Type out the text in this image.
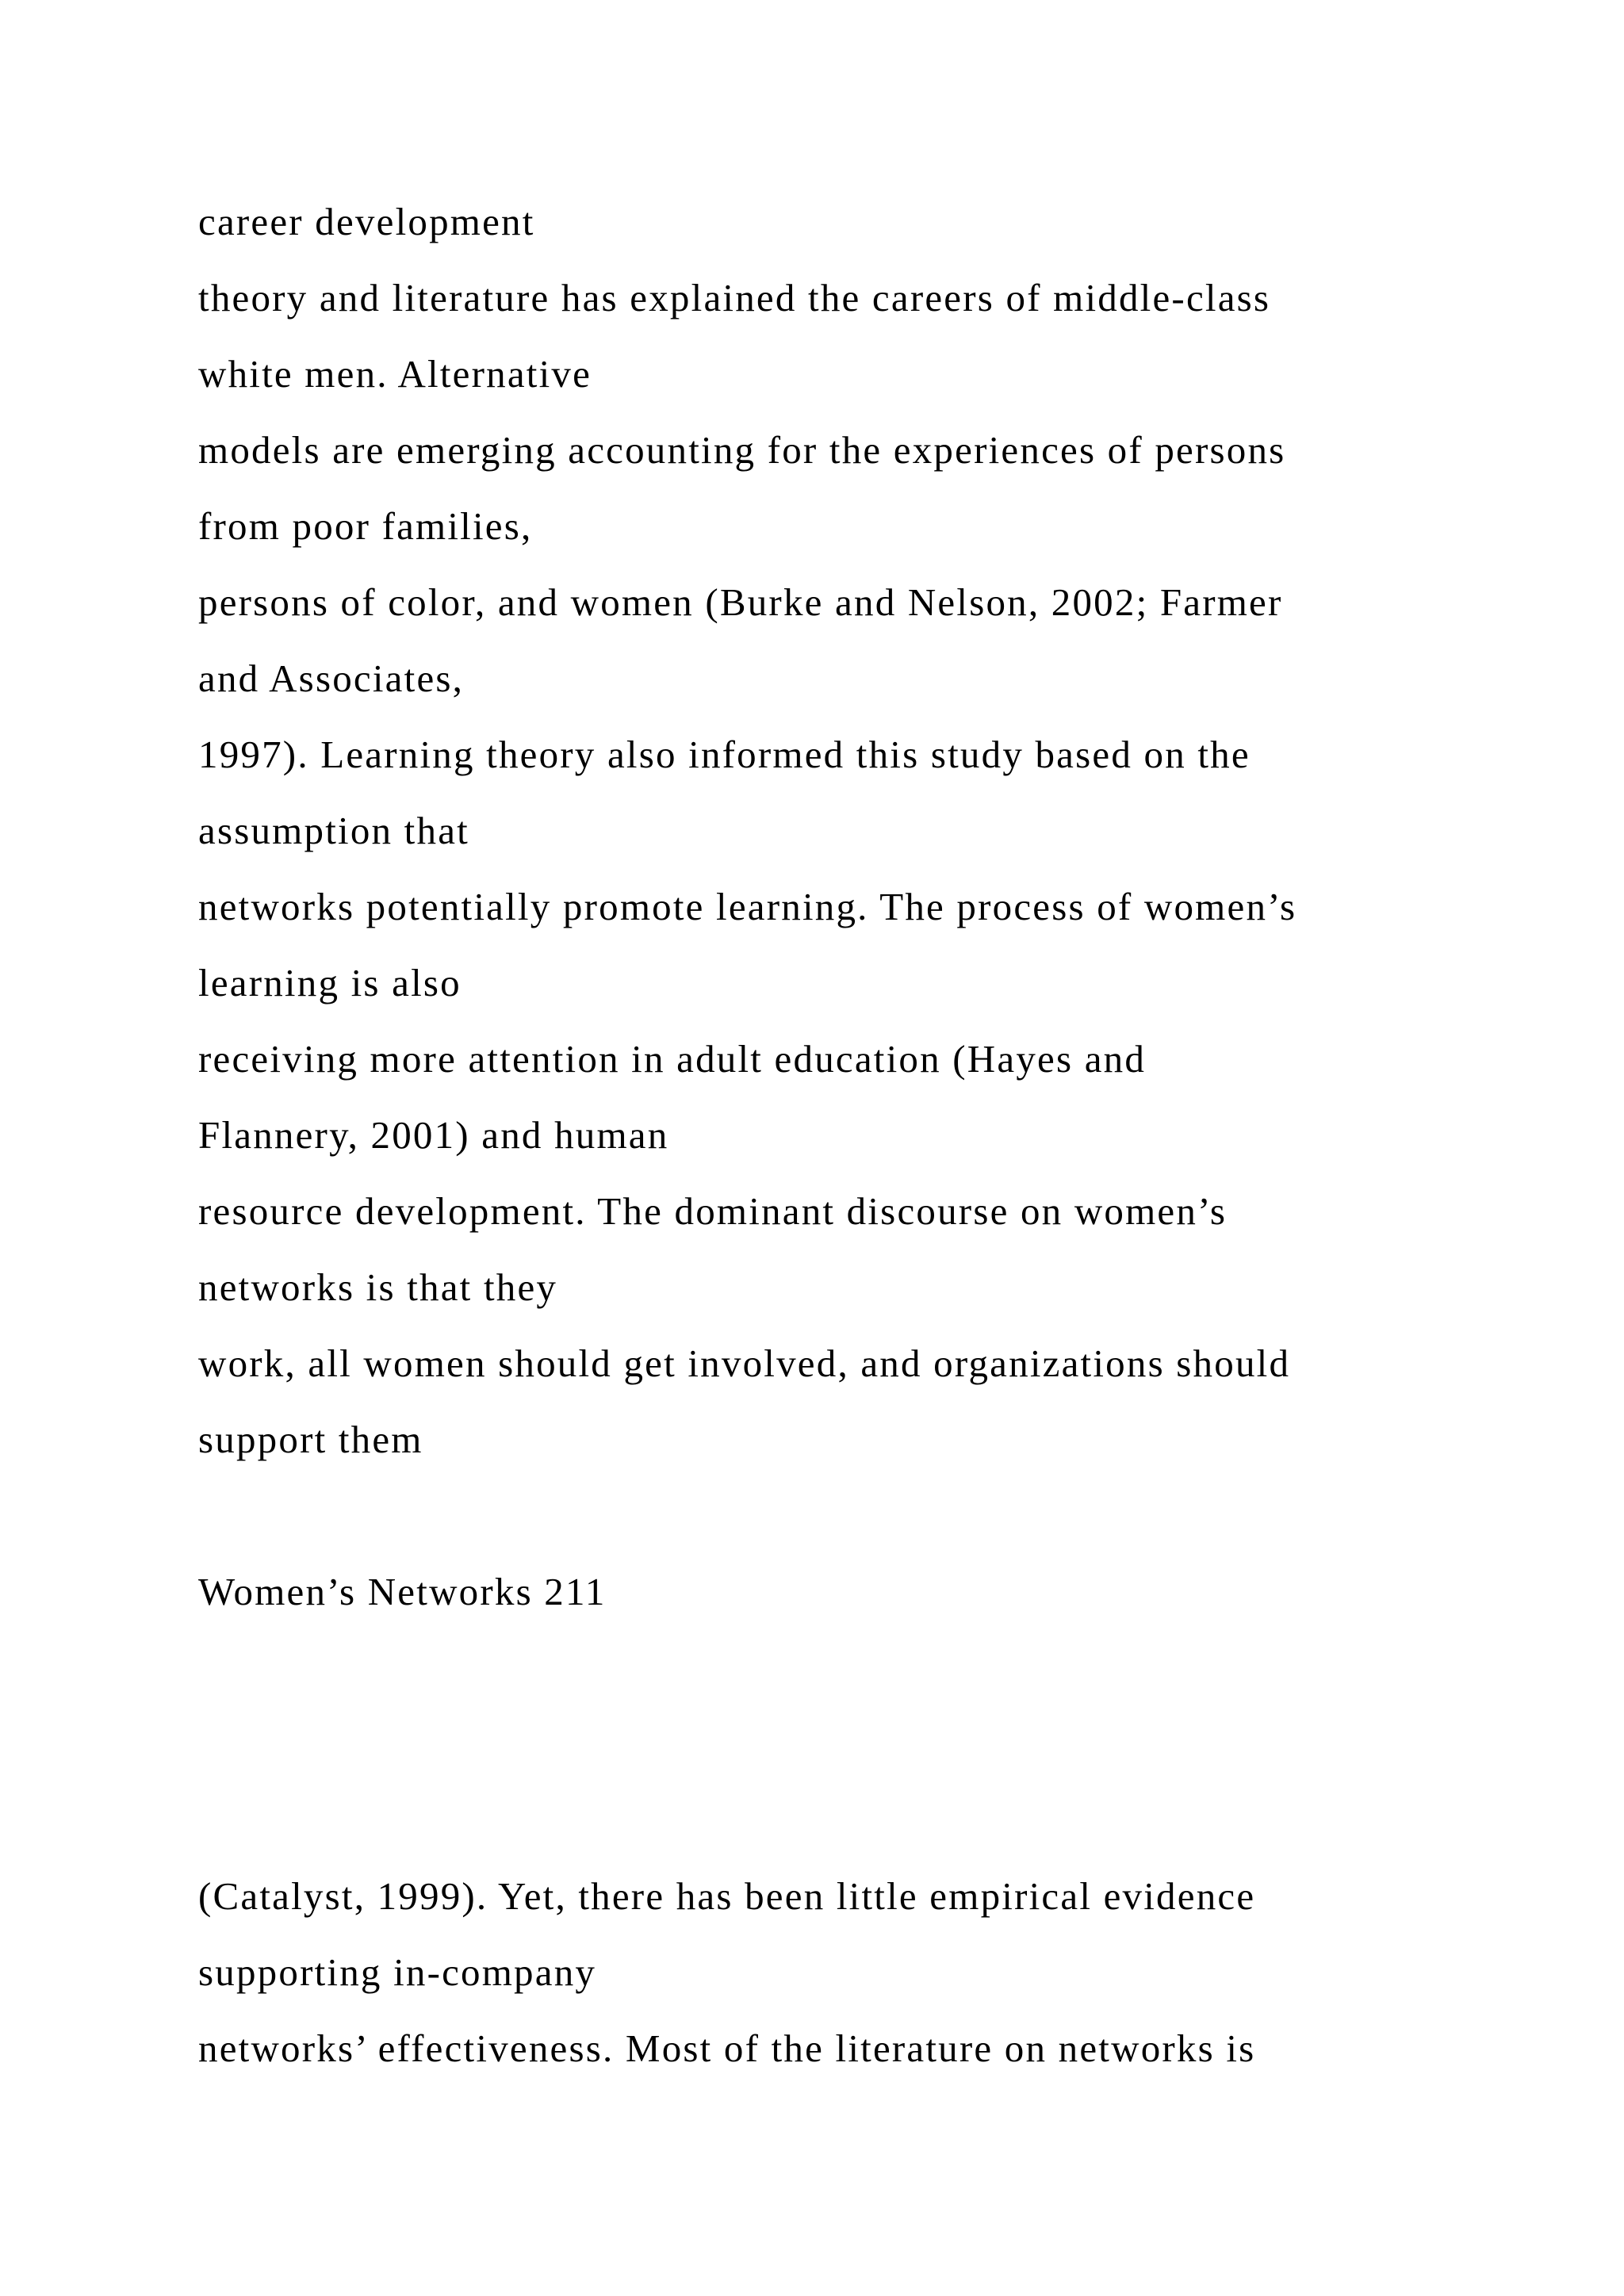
career development

theory and literature has explained the careers of middle-class

white men. Alternative

models are emerging accounting for the experiences of persons

from poor families,

persons of color, and women (Burke and Nelson, 2002; Farmer

and Associates,

1997). Learning theory also informed this study based on the

assumption that

networks potentially promote learning. The process of women’s

learning is also

receiving more attention in adult education (Hayes and

Flannery, 2001) and human

resource development. The dominant discourse on women’s

networks is that they

work, all women should get involved, and organizations should

support them

Women’s Networks 211

(Catalyst, 1999). Yet, there has been little empirical evidence

supporting in-company

networks’ effectiveness. Most of the literature on networks is
